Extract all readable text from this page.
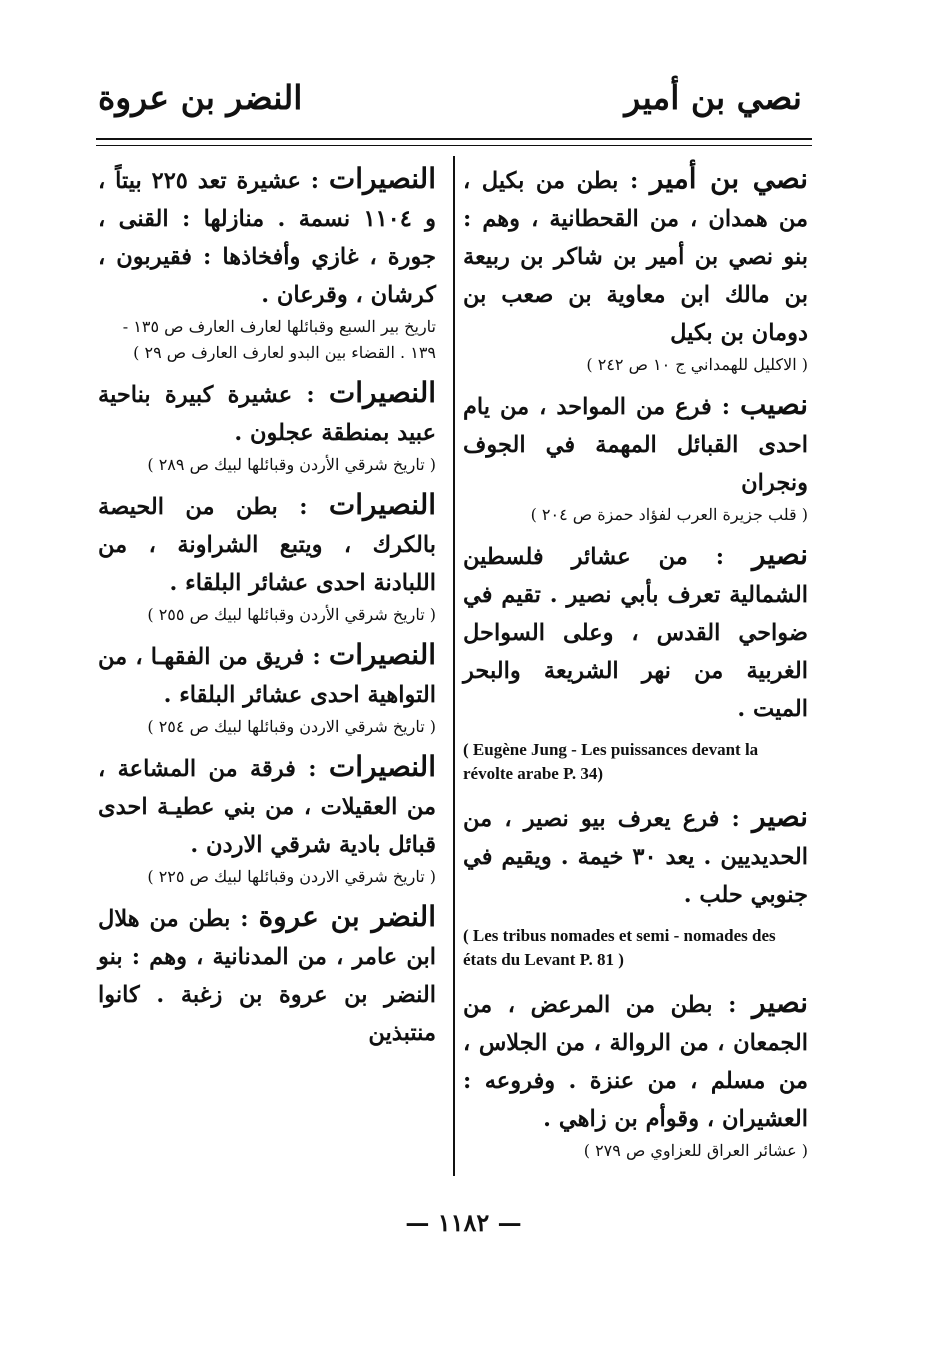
نصي بن أمير
النضر بن عروة

نصي بن أمير : بطن من بكيل ، من همدان ، من القحطانية ، وهم : بنو نصي بن أمير بن شاكر بن ربيعة بن مالك ابن معاوية بن صعب بن دومان بن بكيل

( الاكليل للهمداني ج ١٠ ص ٢٤٢ )

نصيب : فرع من المواحد ، من يام احدى القبائل المهمة في الجوف ونجران

( قلب جزيرة العرب لفؤاد حمزة ص ٢٠٤ )

نصير : من عشائر فلسطين الشمالية تعرف بأبي نصير . تقيم في ضواحي القدس ، وعلى السواحل الغربية من نهر الشريعة والبحر الميت .

( Eugène Jung - Les puissances devant la révolte arabe P. 34)

نصير : فرع يعرف بيو نصير ، من الحديديين . يعد ٣٠ خيمة . ويقيم في جنوبي حلب .

( Les tribus nomades et semi - nomades des états du Levant P. 81 )

نصير : بطن من المرعض ، من الجمعان ، من الروالة ، من الجلاس ، من مسلم ، من عنزة . وفروعه : العشيران ، وقوأم بن زاهي .

( عشائر العراق للعزاوي ص ٢٧٩ )

النصيرات : عشيرة تعد ٢٢٥ بيتاً ، و ١١٠٤ نسمة . منازلها : القنى ، جورة ، غازي وأفخاذها : فقيربون ، كرشان ، وقرعان .

تاريخ بير السبع وقبائلها لعارف العارف ص ١٣٥ - ١٣٩ . القضاء بين البدو لعارف العارف ص ٢٩ )

النصيرات : عشيرة كبيرة بناحية عبيد بمنطقة عجلون .

( تاريخ شرقي الأردن وقبائلها لبيك ص ٢٨٩ )

النصيرات : بطن من الحيصة بالكرك ، ويتبع الشراونة ، من اللبادنة احدى عشائر البلقاء .

( تاريخ شرقي الأردن وقبائلها لبيك ص ٢٥٥ )

النصيرات : فريق من الفقهـا ، من التواهية احدى عشائر البلقاء .

( تاريخ شرقي الاردن وقبائلها لبيك ص ٢٥٤ )

النصيرات : فرقة من المشاعة ، من العقيلات ، من بني عطيـة احدى قبائل بادية شرقي الاردن .

( تاريخ شرقي الاردن وقبائلها لبيك ص ٢٢٥ )

النضر بن عروة : بطن من هلال ابن عامر ، من المدنانية ، وهم : بنو النضر بن عروة بن زغبة . كانوا منتبذين

— ١١٨٢ —
